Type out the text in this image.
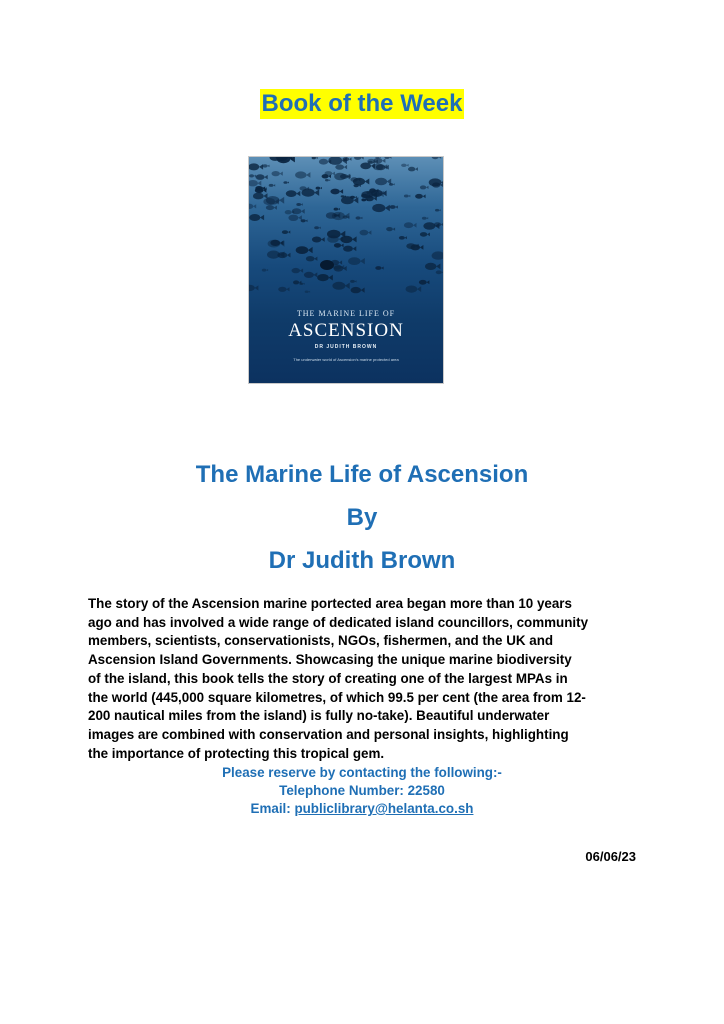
Book of the Week
THE MARINE LIFE OF
ASCENSION
DR JUDITH BROWN
The underwater world of Ascension's marine protected area
The Marine Life of Ascension
By
Dr Judith Brown
The story of the Ascension marine portected area began more than 10 years
ago and has involved a wide range of dedicated island councillors, community
members, scientists, conservationists, NGOs, fishermen, and the UK and
Ascension Island Governments. Showcasing the unique marine biodiversity
of the island, this book tells the story of creating one of the largest MPAs in
the world (445,000 square kilometres, of which 99.5 per cent (the area from 12-
200 nautical miles from the island) is fully no-take). Beautiful underwater
images are combined with conservation and personal insights, highlighting
the importance of protecting this tropical gem.
Please reserve by contacting the following:-
Telephone Number: 22580
Email: publiclibrary@helanta.co.sh
06/06/23
